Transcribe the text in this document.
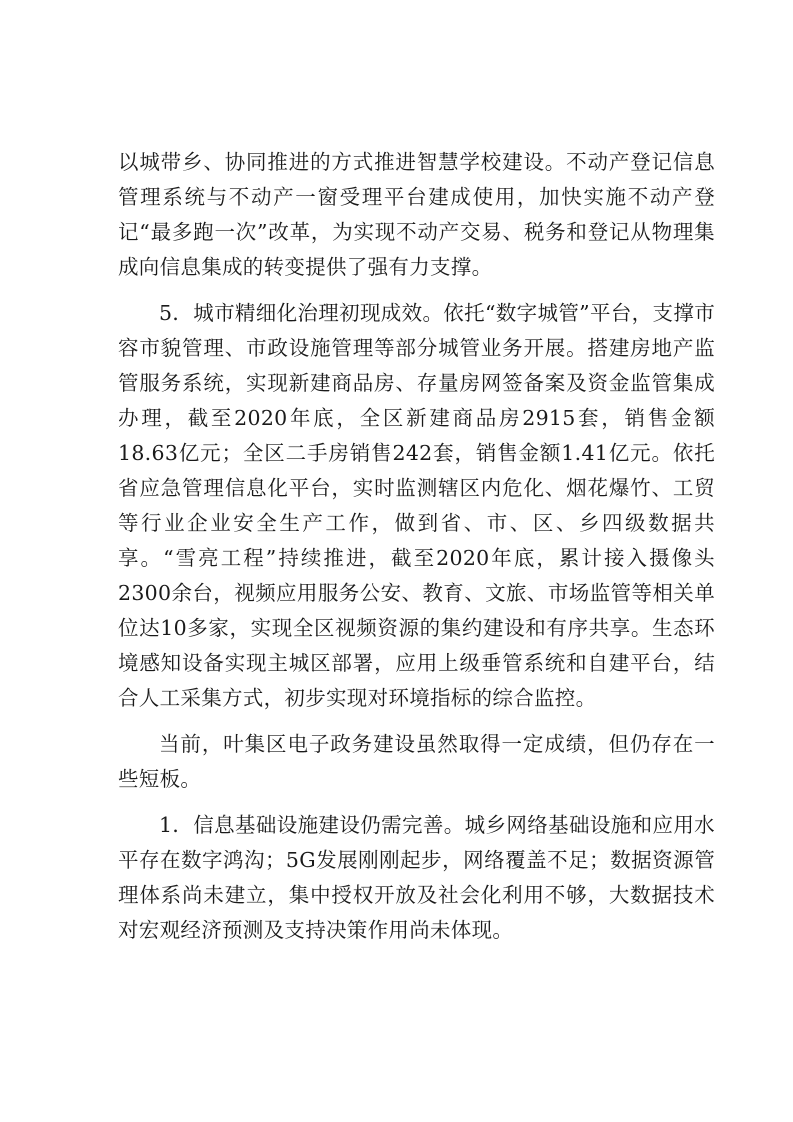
以城带乡、协同推进的方式推进智慧学校建设。不动产登记信息管理系统与不动产一窗受理平台建成使用，加快实施不动产登记“最多跑一次”改革，为实现不动产交易、税务和登记从物理集成向信息集成的转变提供了强有力支撑。

5．城市精细化治理初现成效。依托“数字城管”平台，支撑市容市貌管理、市政设施管理等部分城管业务开展。搭建房地产监管服务系统，实现新建商品房、存量房网签备案及资金监管集成办理，截至2020年底，全区新建商品房2915套，销售金额18.63亿元；全区二手房销售242套，销售金额1.41亿元。依托省应急管理信息化平台，实时监测辖区内危化、烟花爆竹、工贸等行业企业安全生产工作，做到省、市、区、乡四级数据共享。“雪亮工程”持续推进，截至2020年底，累计接入摄像头2300余台，视频应用服务公安、教育、文旅、市场监管等相关单位达10多家，实现全区视频资源的集约建设和有序共享。生态环境感知设备实现主城区部署，应用上级垂管系统和自建平台，结合人工采集方式，初步实现对环境指标的综合监控。

当前，叶集区电子政务建设虽然取得一定成绩，但仍存在一些短板。

1．信息基础设施建设仍需完善。城乡网络基础设施和应用水平存在数字鸿沟；5G发展刚刚起步，网络覆盖不足；数据资源管理体系尚未建立，集中授权开放及社会化利用不够，大数据技术对宏观经济预测及支持决策作用尚未体现。
